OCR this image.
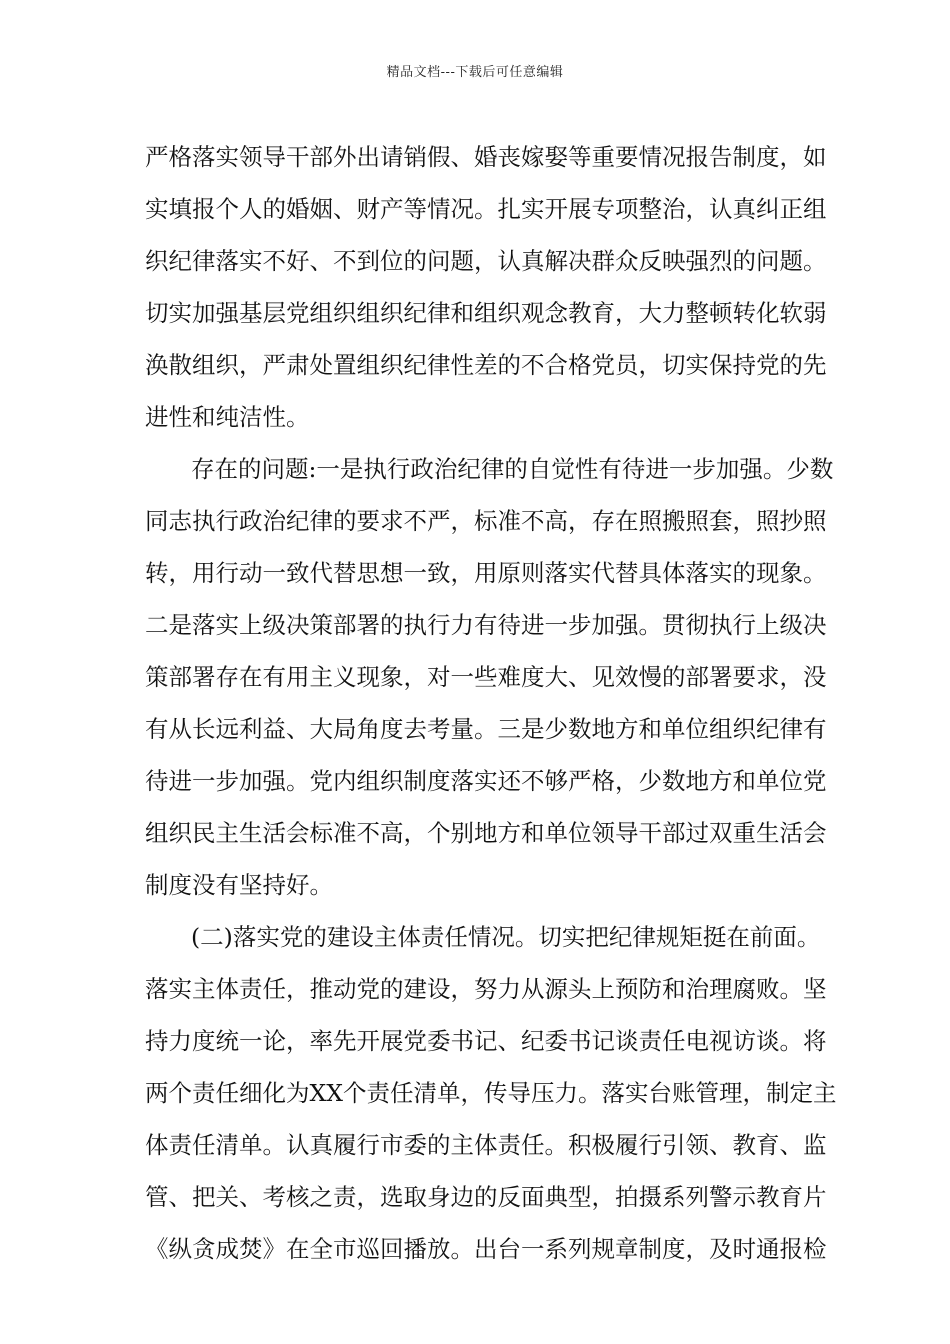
精品文档---下载后可任意编辑
严格落实领导干部外出请销假、婚丧嫁娶等重要情况报告制度，如
实填报个人的婚姻、财产等情况。扎实开展专项整治，认真纠正组
织纪律落实不好、不到位的问题，认真解决群众反映强烈的问题。
切实加强基层党组织组织纪律和组织观念教育，大力整顿转化软弱
涣散组织，严肃处置组织纪律性差的不合格党员，切实保持党的先
进性和纯洁性。
存在的问题:一是执行政治纪律的自觉性有待进一步加强。少数
同志执行政治纪律的要求不严，标准不高，存在照搬照套，照抄照
转，用行动一致代替思想一致，用原则落实代替具体落实的现象。
二是落实上级决策部署的执行力有待进一步加强。贯彻执行上级决
策部署存在有用主义现象，对一些难度大、见效慢的部署要求，没
有从长远利益、大局角度去考量。三是少数地方和单位组织纪律有
待进一步加强。党内组织制度落实还不够严格，少数地方和单位党
组织民主生活会标准不高，个别地方和单位领导干部过双重生活会
制度没有坚持好。
(二)落实党的建设主体责任情况。切实把纪律规矩挺在前面。
落实主体责任，推动党的建设，努力从源头上预防和治理腐败。坚
持力度统一论，率先开展党委书记、纪委书记谈责任电视访谈。将
两个责任细化为XX个责任清单，传导压力。落实台账管理，制定主
体责任清单。认真履行市委的主体责任。积极履行引领、教育、监
管、把关、考核之责，选取身边的反面典型，拍摄系列警示教育片
《纵贪成焚》在全市巡回播放。出台一系列规章制度，及时通报检
